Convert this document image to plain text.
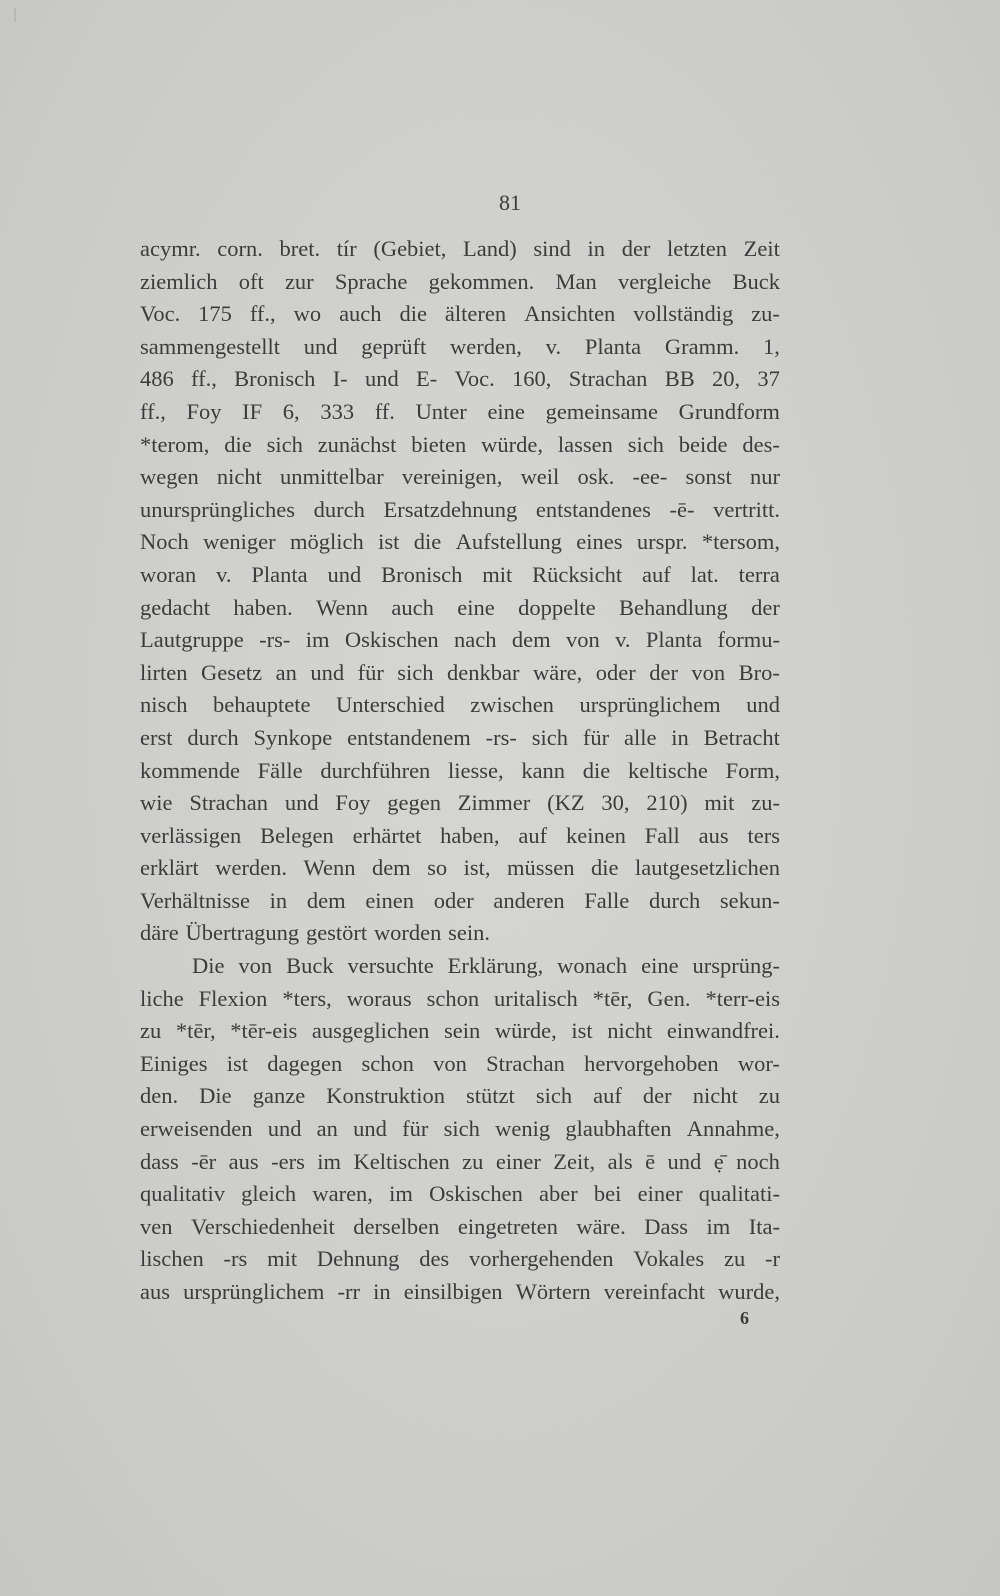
81
acymr. corn. bret. tír (Gebiet, Land) sind in der letzten Zeit
ziemlich oft zur Sprache gekommen. Man vergleiche Buck
Voc. 175 ff., wo auch die älteren Ansichten vollständig zu-
sammengestellt und geprüft werden, v. Planta Gramm. 1,
486 ff., Bronisch I- und E- Voc. 160, Strachan BB 20, 37
ff., Foy IF 6, 333 ff. Unter eine gemeinsame Grundform
*terom, die sich zunächst bieten würde, lassen sich beide des-
wegen nicht unmittelbar vereinigen, weil osk. -ee- sonst nur
unursprüngliches durch Ersatzdehnung entstandenes -ē- vertritt.
Noch weniger möglich ist die Aufstellung eines urspr. *tersom,
woran v. Planta und Bronisch mit Rücksicht auf lat. terra
gedacht haben. Wenn auch eine doppelte Behandlung der
Lautgruppe -rs- im Oskischen nach dem von v. Planta formu-
lirten Gesetz an und für sich denkbar wäre, oder der von Bro-
nisch behauptete Unterschied zwischen ursprünglichem und
erst durch Synkope entstandenem -rs- sich für alle in Betracht
kommende Fälle durchführen liesse, kann die keltische Form,
wie Strachan und Foy gegen Zimmer (KZ 30, 210) mit zu-
verlässigen Belegen erhärtet haben, auf keinen Fall aus ters
erklärt werden. Wenn dem so ist, müssen die lautgesetzlichen
Verhältnisse in dem einen oder anderen Falle durch sekun-
däre Übertragung gestört worden sein.
Die von Buck versuchte Erklärung, wonach eine ursprüng-
liche Flexion *ters, woraus schon uritalisch *tēr, Gen. *terr-eis
zu *tēr, *tēr-eis ausgeglichen sein würde, ist nicht einwandfrei.
Einiges ist dagegen schon von Strachan hervorgehoben wor-
den. Die ganze Konstruktion stützt sich auf der nicht zu
erweisenden und an und für sich wenig glaubhaften Annahme,
dass -ēr aus -ers im Keltischen zu einer Zeit, als ē und ẹ̄ noch
qualitativ gleich waren, im Oskischen aber bei einer qualitati-
ven Verschiedenheit derselben eingetreten wäre. Dass im Ita-
lischen -rs mit Dehnung des vorhergehenden Vokales zu -r
aus ursprünglichem -rr in einsilbigen Wörtern vereinfacht wurde,
6
